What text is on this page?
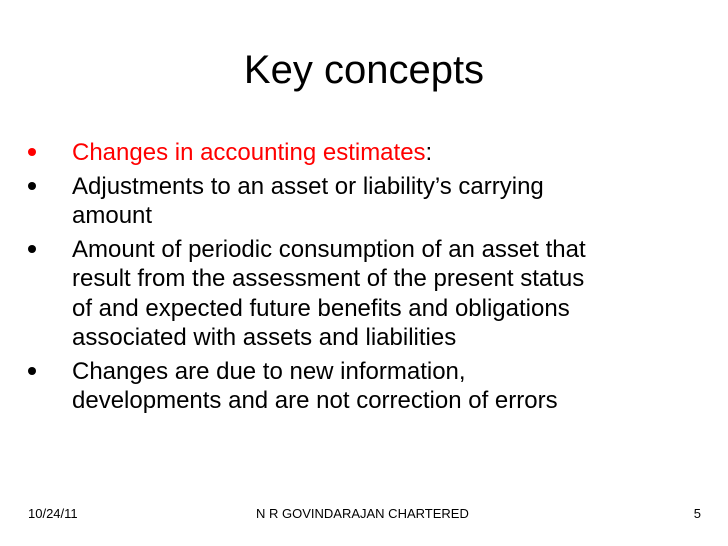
Key concepts
Changes in accounting estimates:
Adjustments to an asset or liability’s carrying
amount
Amount of periodic consumption of an asset that
result from the assessment of the present status
of and expected future benefits and obligations
associated with assets and liabilities
Changes are due to new information,
developments and are not correction of errors
10/24/11	N R GOVINDARAJAN CHARTERED	5
